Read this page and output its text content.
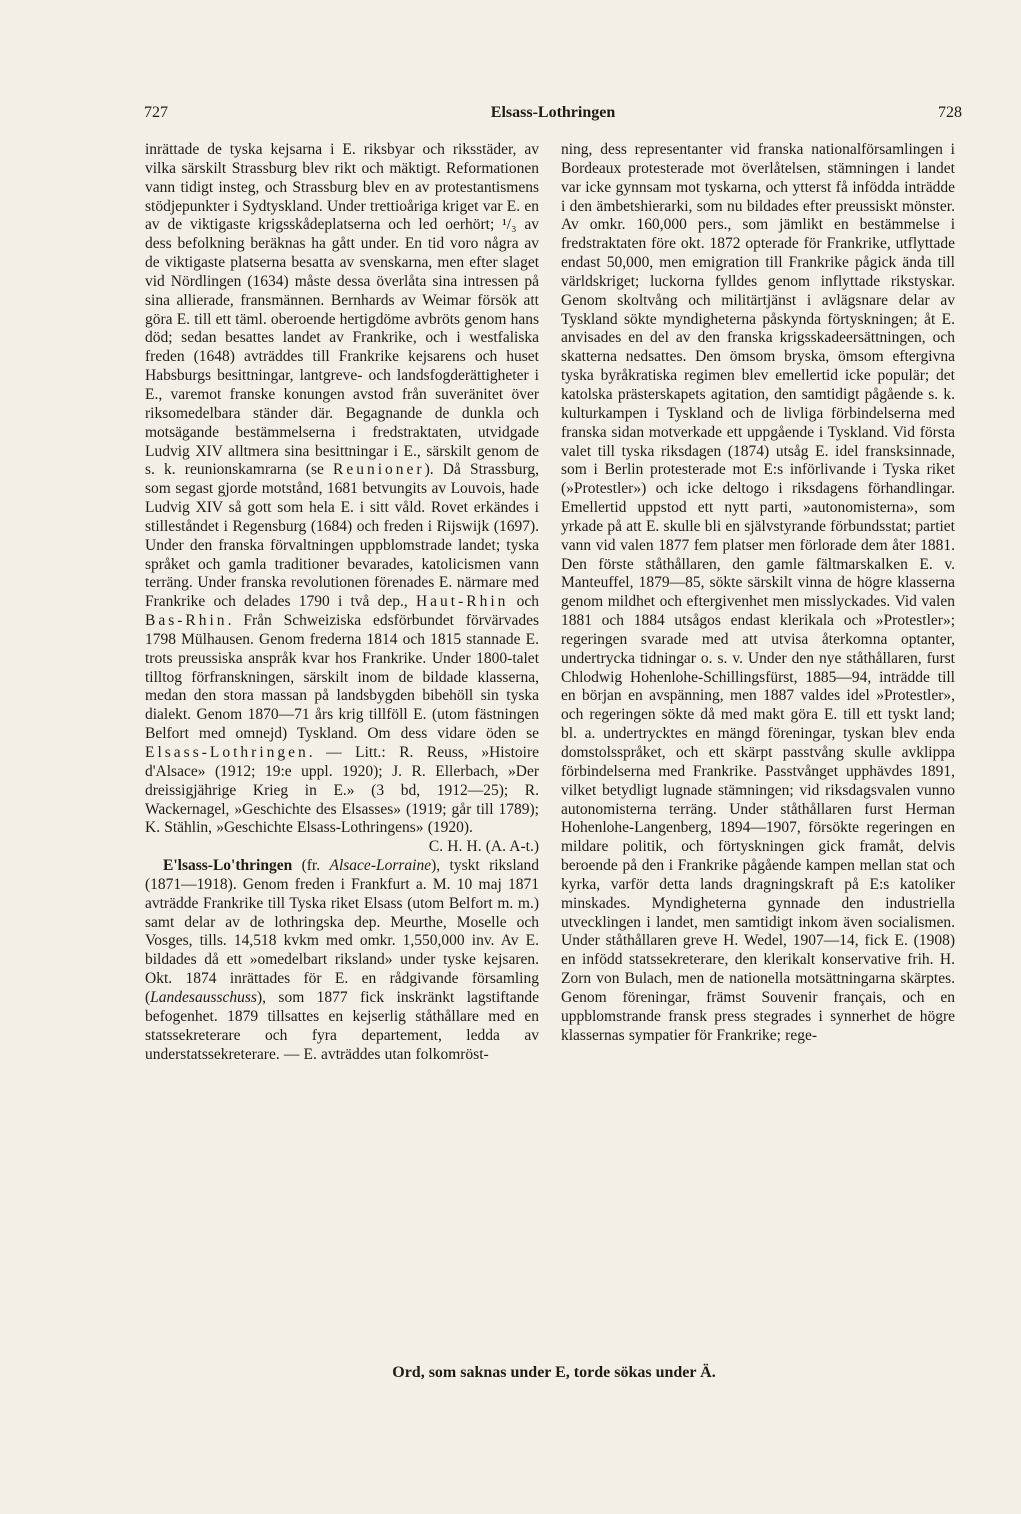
727	Elsass-Lothringen	728

inrättade de tyska kejsarna i E. riksbyar och riksstäder, av vilka särskilt Strassburg blev rikt och mäktigt. Reformationen vann tidigt insteg, och Strassburg blev en av protestantismens stödjepunkter i Sydtyskland. Under trettioåriga kriget var E. en av de viktigaste krigsskådeplatserna och led oerhört; ¹/₃ av dess befolkning beräknas ha gått under. En tid voro några av de viktigaste platserna besatta av svenskarna, men efter slaget vid Nördlingen (1634) måste dessa överlåta sina intressen på sina allierade, fransmännen. Bernhards av Weimar försök att göra E. till ett täml. oberoende hertigdöme avbröts genom hans död; sedan besattes landet av Frankrike, och i westfaliska freden (1648) avträddes till Frankrike kejsarens och huset Habsburgs besittningar, lantgreve- och landsfogderättigheter i E., varemot franske konungen avstod från suveränitet över riksomedelbara ständer där. Begagnande de dunkla och motsägande bestämmelserna i fredstraktaten, utvidgade Ludvig XIV alltmera sina besittningar i E., särskilt genom de s. k. reunionskamrarna (se Reunioner). Då Strassburg, som segast gjorde motstånd, 1681 betvungits av Louvois, hade Ludvig XIV så gott som hela E. i sitt våld. Rovet erkändes i stilleståndet i Regensburg (1684) och freden i Rijswijk (1697). Under den franska förvaltningen uppblomstrade landet; tyska språket och gamla traditioner bevarades, katolicismen vann terräng. Under franska revolutionen förenades E. närmare med Frankrike och delades 1790 i två dep., Haut-Rhin och Bas-Rhin. Från Schweiziska edsförbundet förvärvades 1798 Mülhausen. Genom frederna 1814 och 1815 stannade E. trots preussiska anspråk kvar hos Frankrike. Under 1800-talet tilltog förfranskningen, särskilt inom de bildade klasserna, medan den stora massan på landsbygden bibehöll sin tyska dialekt. Genom 1870—71 års krig tillföll E. (utom fästningen Belfort med omnejd) Tyskland. Om dess vidare öden se Elsass-Lothringen. — Litt.: R. Reuss, »Histoire d'Alsace» (1912; 19:e uppl. 1920); J. R. Ellerbach, »Der dreissigjährige Krieg in E.» (3 bd, 1912—25); R. Wackernagel, »Geschichte des Elsasses» (1919; går till 1789); K. Stählin, »Geschichte Elsass-Lothringens» (1920).
C. H. H. (A. A-t.)

E'lsass-Lo'thringen (fr. Alsace-Lorraine), tyskt riksland (1871—1918). Genom freden i Frankfurt a. M. 10 maj 1871 avträdde Frankrike till Tyska riket Elsass (utom Belfort m. m.) samt delar av de lothringska dep. Meurthe, Moselle och Vosges, tills. 14,518 kvkm med omkr. 1,550,000 inv. Av E. bildades då ett »omedelbart riksland» under tyske kejsaren. Okt. 1874 inrättades för E. en rådgivande församling (Landesausschuss), som 1877 fick inskränkt lagstiftande befogenhet. 1879 tillsattes en kejserlig ståthållare med en statssekreterare och fyra departement, ledda av understatssekreterare. — E. avträddes utan folkomröst-

ning, dess representanter vid franska nationalförsamlingen i Bordeaux protesterade mot överlåtelsen, stämningen i landet var icke gynnsam mot tyskarna, och ytterst få infödda inträdde i den ämbetshierarki, som nu bildades efter preussiskt mönster. Av omkr. 160,000 pers., som jämlikt en bestämmelse i fredstraktaten före okt. 1872 opterade för Frankrike, utflyttade endast 50,000, men emigration till Frankrike pågick ända till världskriget; luckorna fylldes genom inflyttade rikstyskar. Genom skoltvång och militärtjänst i avlägsnare delar av Tyskland sökte myndigheterna påskynda förtyskningen; åt E. anvisades en del av den franska krigsskadeersättningen, och skatterna nedsattes. Den ömsom bryska, ömsom eftergivna tyska byråkratiska regimen blev emellertid icke populär; det katolska prästerskapets agitation, den samtidigt pågående s. k. kulturkampen i Tyskland och de livliga förbindelserna med franska sidan motverkade ett uppgående i Tyskland. Vid första valet till tyska riksdagen (1874) utsåg E. idel fransksinnade, som i Berlin protesterade mot E:s införlivande i Tyska riket (»Protestler») och icke deltogo i riksdagens förhandlingar. Emellertid uppstod ett nytt parti, »autonomisterna», som yrkade på att E. skulle bli en självstyrande förbundsstat; partiet vann vid valen 1877 fem platser men förlorade dem åter 1881. Den förste ståthållaren, den gamle fältmarskalken E. v. Manteuffel, 1879—85, sökte särskilt vinna de högre klasserna genom mildhet och eftergivenhet men misslyckades. Vid valen 1881 och 1884 utsågos endast klerikala och »Protestler»; regeringen svarade med att utvisa återkomna optanter, undertrycka tidningar o. s. v. Under den nye ståthållaren, furst Chlodwig Hohenlohe-Schillingsfürst, 1885—94, inträdde till en början en avspänning, men 1887 valdes idel »Protestler», och regeringen sökte då med makt göra E. till ett tyskt land; bl. a. undertrycktes en mängd föreningar, tyskan blev enda domstolsspråket, och ett skärpt passtvång skulle avklippa förbindelserna med Frankrike. Passtvånget upphävdes 1891, vilket betydligt lugnade stämningen; vid riksdagsvalen vunno autonomisterna terräng. Under ståthållaren furst Herman Hohenlohe-Langenberg, 1894—1907, försökte regeringen en mildare politik, och förtyskningen gick framåt, delvis beroende på den i Frankrike pågående kampen mellan stat och kyrka, varför detta lands dragningskraft på E:s katoliker minskades. Myndigheterna gynnade den industriella utvecklingen i landet, men samtidigt inkom även socialismen. Under ståthållaren greve H. Wedel, 1907—14, fick E. (1908) en infödd statssekreterare, den klerikalt konservative frih. H. Zorn von Bulach, men de nationella motsättningarna skärptes. Genom föreningar, främst Souvenir français, och en uppblomstrande fransk press stegrades i synnerhet de högre klassernas sympatier för Frankrike; rege-

Ord, som saknas under E, torde sökas under Ä.
